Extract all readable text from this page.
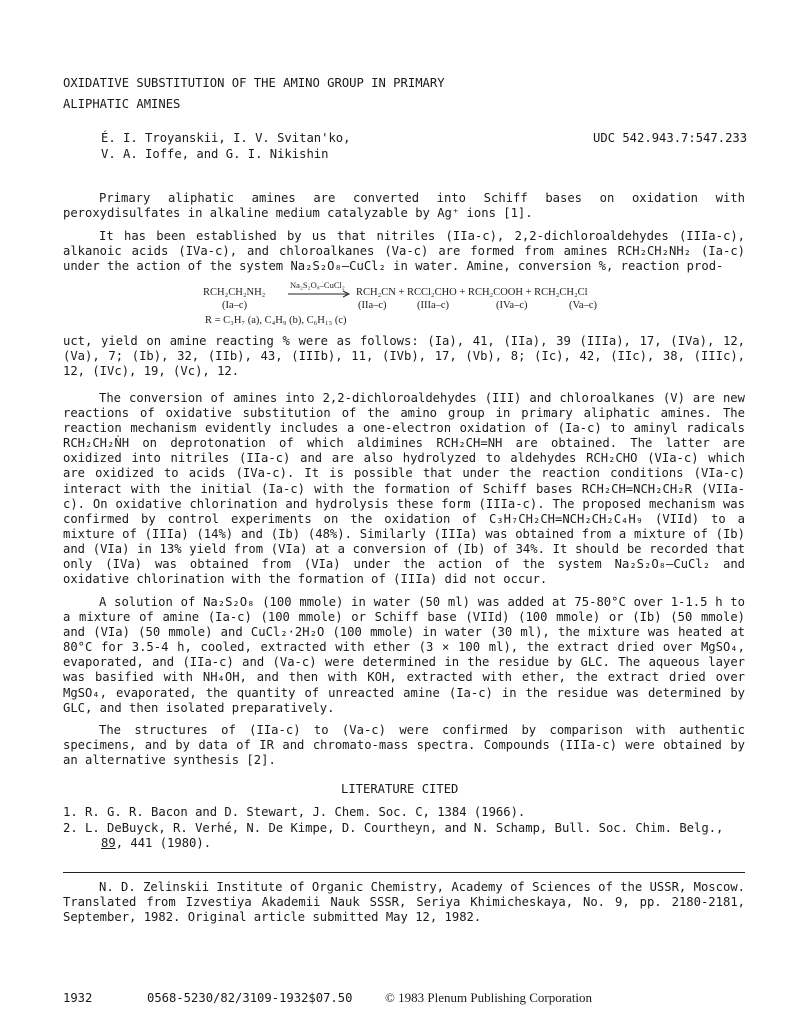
OXIDATIVE SUBSTITUTION OF THE AMINO GROUP IN PRIMARY
ALIPHATIC AMINES
É. I. Troyanskii, I. V. Svitan'ko,
V. A. Ioffe, and G. I. Nikishin
UDC 542.943.7:547.233

Primary aliphatic amines are converted into Schiff bases on oxidation with peroxydisulfates in alkaline medium catalyzable by Ag⁺ ions [1].

It has been established by us that nitriles (IIa-c), 2,2-dichloroaldehydes (IIIa-c), alkanoic acids (IVa-c), and chloroalkanes (Va-c) are formed from amines RCH₂CH₂NH₂ (Ia-c) under the action of the system Na₂S₂O₈–CuCl₂ in water. Amine, conversion %, reaction prod-

Na₂S₂O₈–CuCl₂
RCH₂CH₂NH₂	RCH₂CN + RCCl₂CHO + RCH₂COOH + RCH₂CH₂Cl
(Ia–c)	(IIa–c)	(IIIa–c)	(IVa–c)	(Va–c)
R = C₃H₇ (a), C₄H₉ (b), C₆H₁₃ (c)

uct, yield on amine reacting % were as follows: (Ia), 41, (IIa), 39 (IIIa), 17, (IVa), 12, (Va), 7; (Ib), 32, (IIb), 43, (IIIb), 11, (IVb), 17, (Vb), 8; (Ic), 42, (IIc), 38, (IIIc), 12, (IVc), 19, (Vc), 12.

The conversion of amines into 2,2-dichloroaldehydes (III) and chloroalkanes (V) are new reactions of oxidative substitution of the amino group in primary aliphatic amines. The reaction mechanism evidently includes a one-electron oxidation of (Ia-c) to aminyl radicals RCH₂CH₂ṄH on deprotonation of which aldimines RCH₂CH=NH are obtained. The latter are oxidized into nitriles (IIa-c) and are also hydrolyzed to aldehydes RCH₂CHO (VIa-c) which are oxidized to acids (IVa-c). It is possible that under the reaction conditions (VIa-c) interact with the initial (Ia-c) with the formation of Schiff bases RCH₂CH=NCH₂CH₂R (VIIa-c). On oxidative chlorination and hydrolysis these form (IIIa-c). The proposed mechanism was confirmed by control experiments on the oxidation of C₃H₇CH₂CH=NCH₂CH₂C₄H₉ (VIId) to a mixture of (IIIa) (14%) and (Ib) (48%). Similarly (IIIa) was obtained from a mixture of (Ib) and (VIa) in 13% yield from (VIa) at a conversion of (Ib) of 34%. It should be recorded that only (IVa) was obtained from (VIa) under the action of the system Na₂S₂O₈–CuCl₂ and oxidative chlorination with the formation of (IIIa) did not occur.

A solution of Na₂S₂O₈ (100 mmole) in water (50 ml) was added at 75-80°C over 1-1.5 h to a mixture of amine (Ia-c) (100 mmole) or Schiff base (VIId) (100 mmole) or (Ib) (50 mmole) and (VIa) (50 mmole) and CuCl₂·2H₂O (100 mmole) in water (30 ml), the mixture was heated at 80°C for 3.5-4 h, cooled, extracted with ether (3 × 100 ml), the extract dried over MgSO₄, evaporated, and (IIa-c) and (Va-c) were determined in the residue by GLC. The aqueous layer was basified with NH₄OH, and then with KOH, extracted with ether, the extract dried over MgSO₄, evaporated, the quantity of unreacted amine (Ia-c) in the residue was determined by GLC, and then isolated preparatively.

The structures of (IIa-c) to (Va-c) were confirmed by comparison with authentic specimens, and by data of IR and chromato-mass spectra. Compounds (IIIa-c) were obtained by an alternative synthesis [2].

LITERATURE CITED
1. R. G. R. Bacon and D. Stewart, J. Chem. Soc. C, 1384 (1966).
2. L. DeBuyck, R. Verhé, N. De Kimpe, D. Courtheyn, and N. Schamp, Bull. Soc. Chim. Belg.,
89, 441 (1980).

N. D. Zelinskii Institute of Organic Chemistry, Academy of Sciences of the USSR, Moscow. Translated from Izvestiya Akademii Nauk SSSR, Seriya Khimicheskaya, No. 9, pp. 2180-2181, September, 1982. Original article submitted May 12, 1982.

1932	0568-5230/82/3109-1932$07.50	© 1983 Plenum Publishing Corporation
